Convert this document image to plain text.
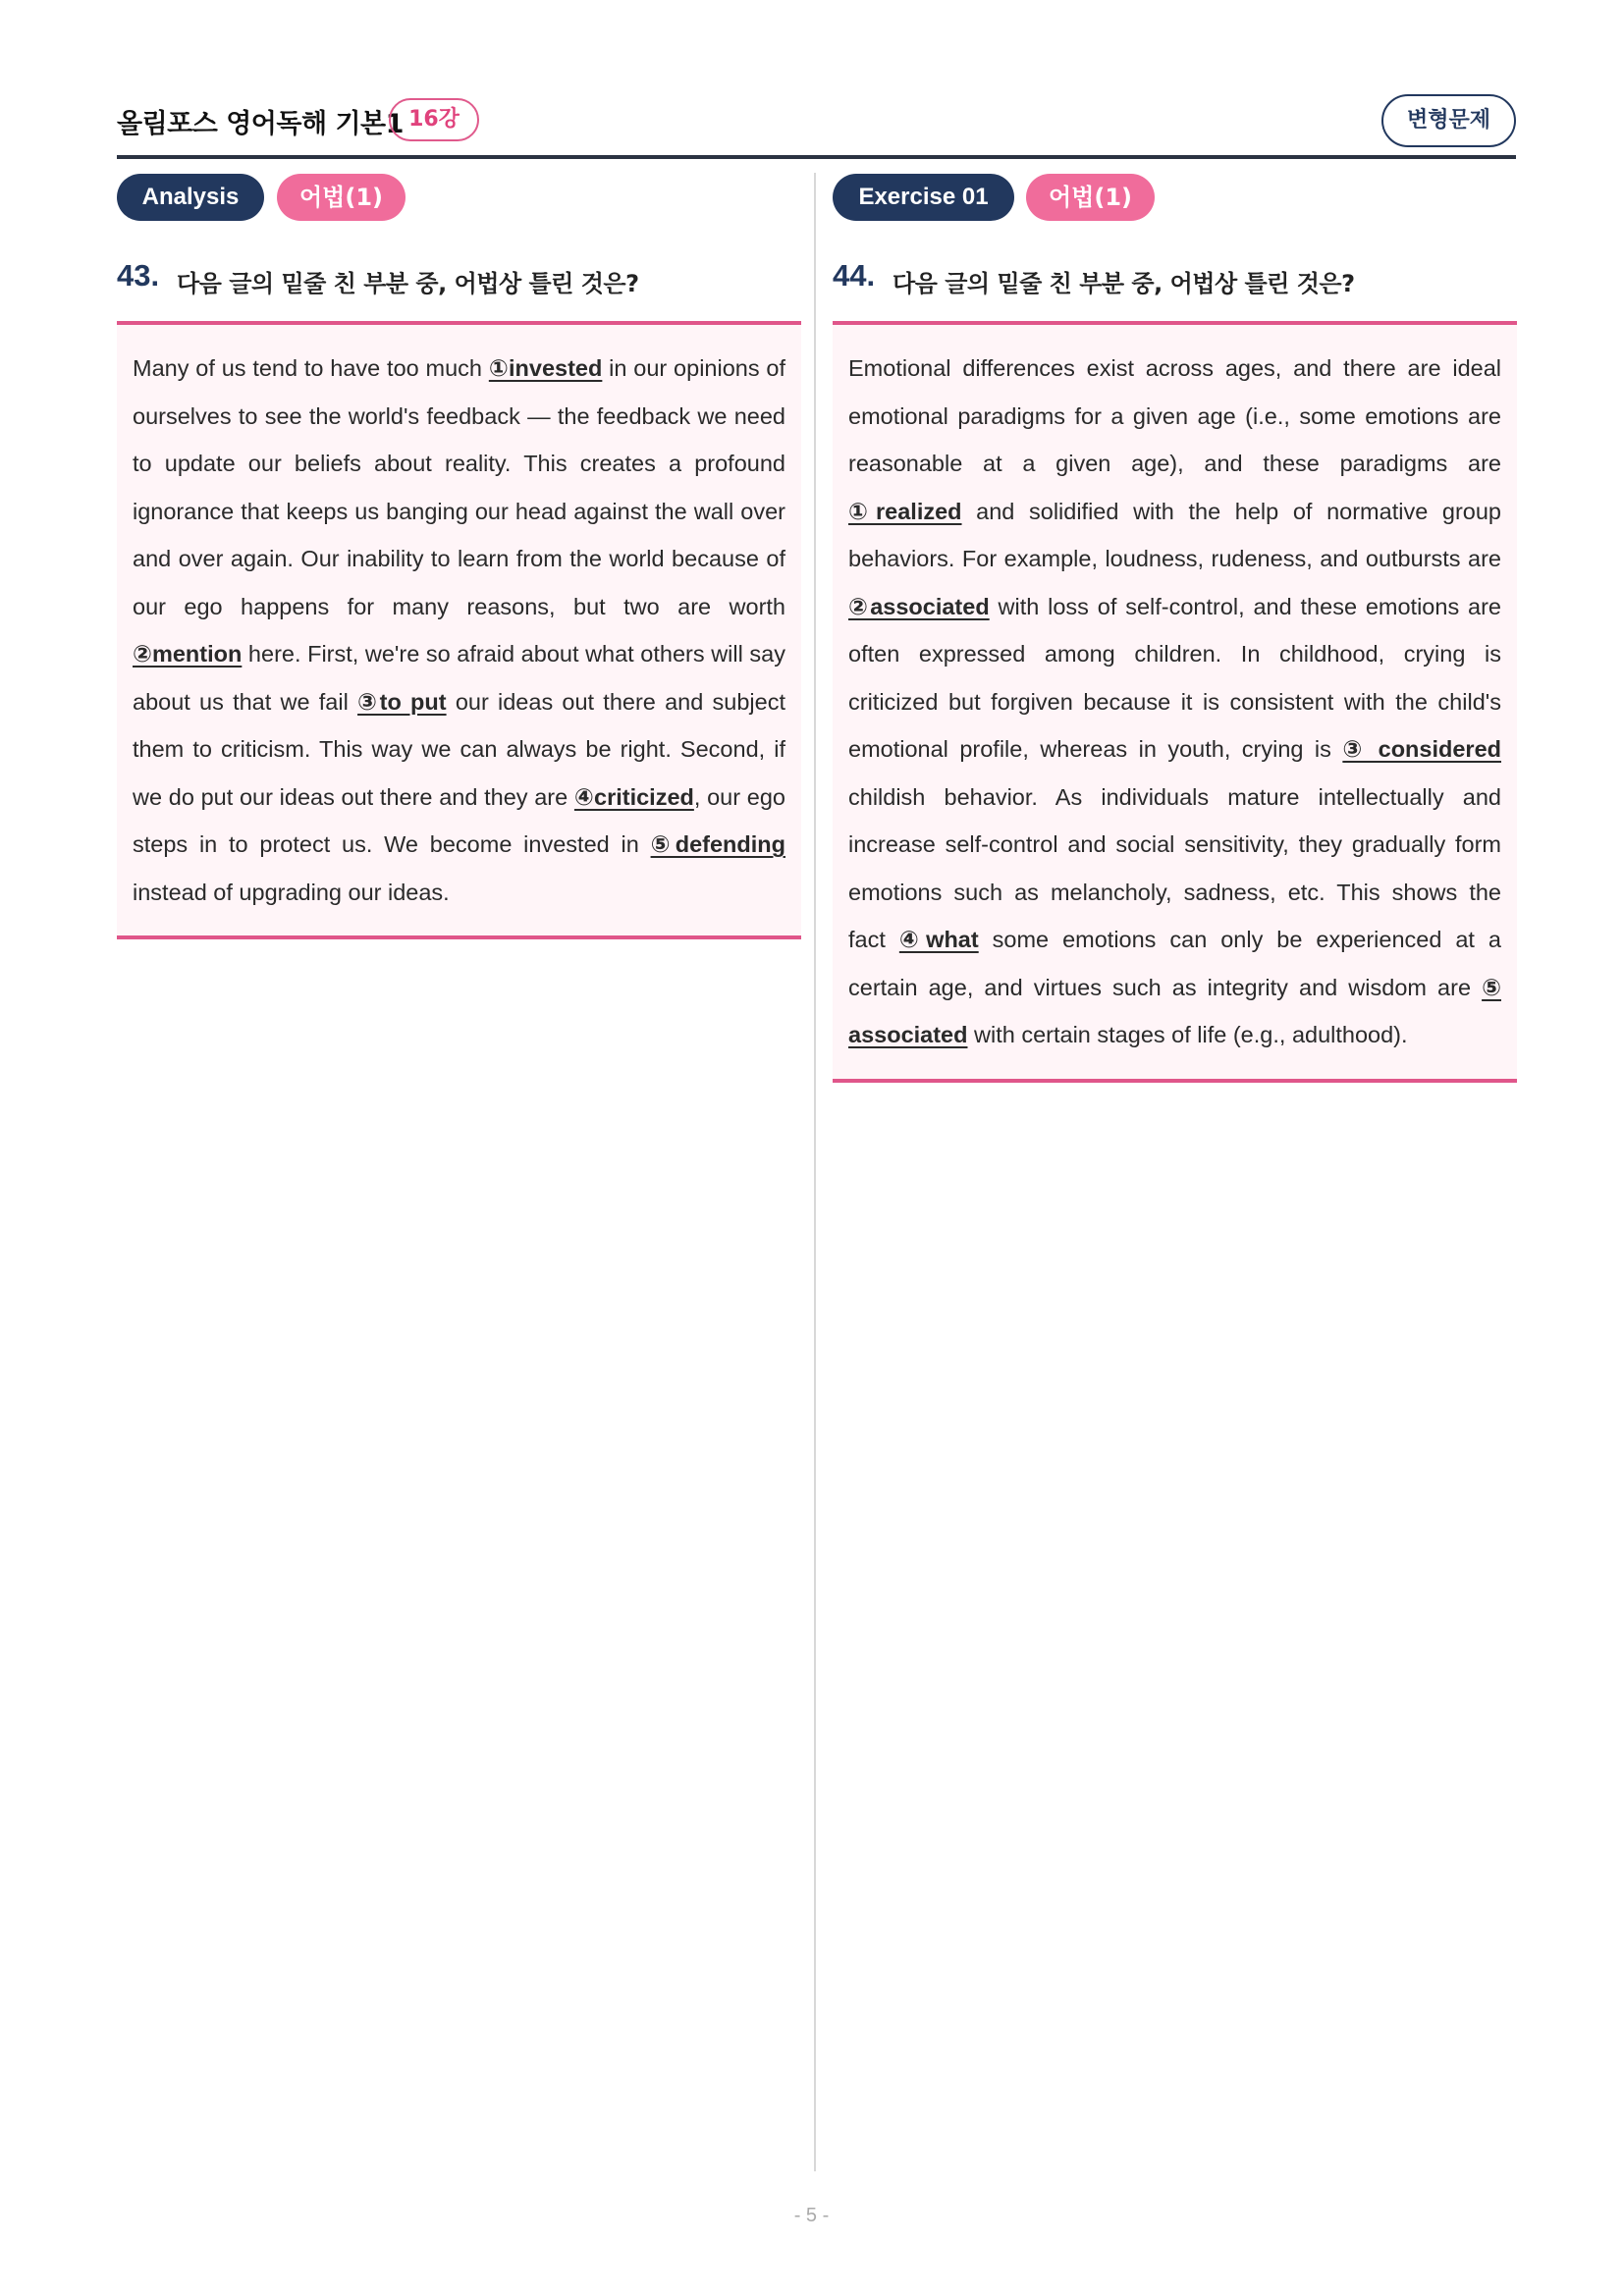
올림포스 영어독해 기본1 16강	변형문제
Analysis	어법(1)
43. 다음 글의 밑줄 친 부분 중, 어법상 틀린 것은?

Many of us tend to have too much ①invested in our opinions of ourselves to see the world's feedback — the feedback we need to update our beliefs about reality. This creates a profound ignorance that keeps us banging our head against the wall over and over again. Our inability to learn from the world because of our ego happens for many reasons, but two are worth ②mention here. First, we're so afraid about what others will say about us that we fail ③to put our ideas out there and subject them to criticism. This way we can always be right. Second, if we do put our ideas out there and they are ④criticized, our ego steps in to protect us. We become invested in ⑤defending instead of upgrading our ideas.

Exercise 01	어법(1)
44. 다음 글의 밑줄 친 부분 중, 어법상 틀린 것은?

Emotional differences exist across ages, and there are ideal emotional paradigms for a given age (i.e., some emotions are reasonable at a given age), and these paradigms are ①realized and solidified with the help of normative group behaviors. For example, loudness, rudeness, and outbursts are ②associated with loss of self-control, and these emotions are often expressed among children. In childhood, crying is criticized but forgiven because it is consistent with the child's emotional profile, whereas in youth, crying is ③ considered childish behavior. As individuals mature intellectually and increase self-control and social sensitivity, they gradually form emotions such as melancholy, sadness, etc. This shows the fact ④what some emotions can only be experienced at a certain age, and virtues such as integrity and wisdom are ⑤ associated with certain stages of life (e.g., adulthood).

- 5 -
